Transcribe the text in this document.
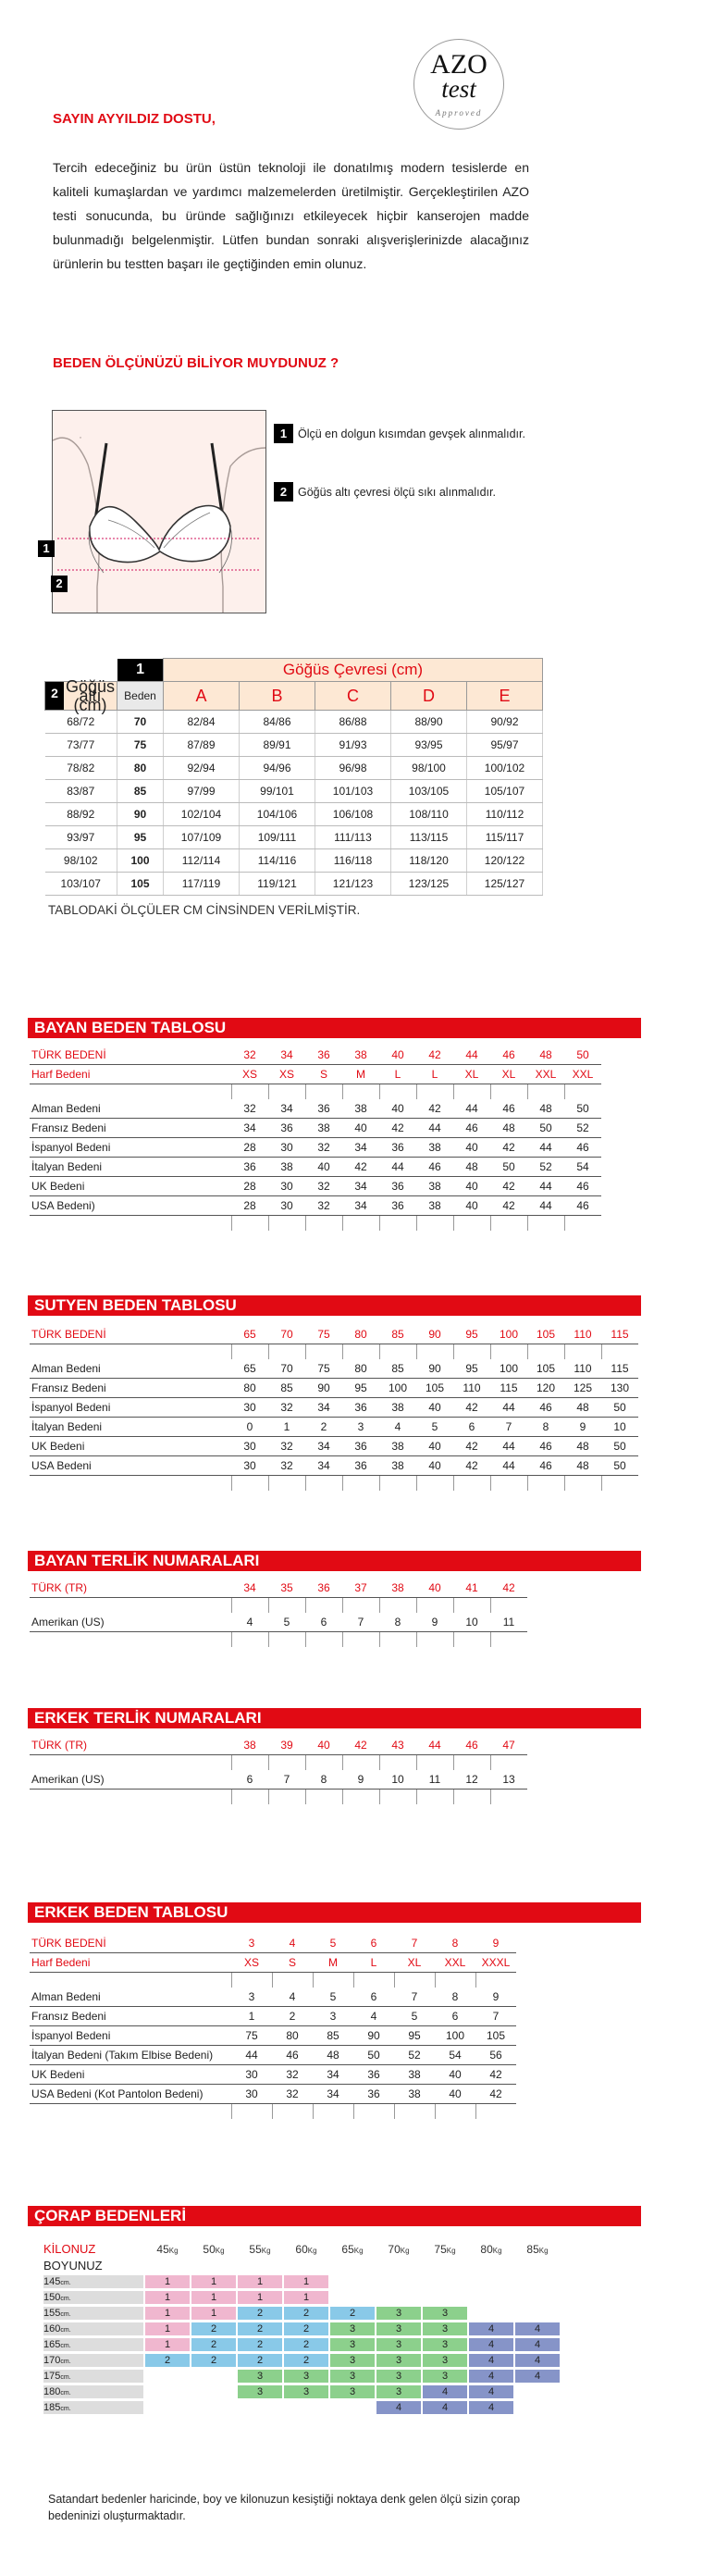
AZO
test
Approved
SAYIN AYYILDIZ DOSTU,
Tercih edeceğiniz bu ürün üstün teknoloji ile donatılmış modern tesislerde en kaliteli kumaşlardan ve yardımcı malzemelerden üretilmiştir. Gerçekleştirilen AZO testi sonucunda, bu üründe sağlığınızı etkileyecek hiçbir kanserojen madde bulunmadığı belgelenmiştir. Lütfen bundan sonraki alışverişlerinizde alacağınız ürünlerin bu testten başarı ile geçtiğinden emin olunuz.
BEDEN ÖLÇÜNÜZÜ BİLİYOR MUYDUNUZ ?
1
2
1 Ölçü en dolgun kısımdan gevşek alınmalıdır.
2 Göğüs altı çevresi ölçü sıkı alınmalıdır.
	1	Göğüs Çevresi (cm)				

2 Göğüs altı (cm)	Beden	A	B	C	D	E
68/72	70	82/84	84/86	86/88	88/90	90/92
73/77	75	87/89	89/91	91/93	93/95	95/97
78/82	80	92/94	94/96	96/98	98/100	100/102
83/87	85	97/99	99/101	101/103	103/105	105/107
88/92	90	102/104	104/106	106/108	108/110	110/112
93/97	95	107/109	109/111	111/113	113/115	115/117
98/102	100	112/114	114/116	116/118	118/120	120/122
103/107	105	117/119	119/121	121/123	123/125	125/127
TABLODAKİ ÖLÇÜLER CM CİNSİNDEN VERİLMİŞTİR.
BAYAN BEDEN TABLOSU
TÜRK BEDENİ	32	34	36	38	40	42	44	46	48	50
Harf Bedeni	XS	XS	S	M	L	L	XL	XL	XXL	XXL

Alman Bedeni	32	34	36	38	40	42	44	46	48	50
Fransız Bedeni	34	36	38	40	42	44	46	48	50	52
İspanyol Bedeni	28	30	32	34	36	38	40	42	44	46
İtalyan Bedeni	36	38	40	42	44	46	48	50	52	54
UK Bedeni	28	30	32	34	36	38	40	42	44	46
USA Bedeni)	28	30	32	34	36	38	40	42	44	46

SUTYEN BEDEN TABLOSU
TÜRK BEDENİ	65	70	75	80	85	90	95	100	105	110	115

Alman Bedeni	65	70	75	80	85	90	95	100	105	110	115
Fransız Bedeni	80	85	90	95	100	105	110	115	120	125	130
İspanyol Bedeni	30	32	34	36	38	40	42	44	46	48	50
İtalyan Bedeni	0	1	2	3	4	5	6	7	8	9	10
UK Bedeni	30	32	34	36	38	40	42	44	46	48	50
USA Bedeni	30	32	34	36	38	40	42	44	46	48	50

BAYAN TERLİK NUMARALARI
TÜRK (TR)	34	35	36	37	38	40	41	42

Amerikan (US)	4	5	6	7	8	9	10	11

ERKEK TERLİK NUMARALARI
TÜRK (TR)	38	39	40	42	43	44	46	47

Amerikan (US)	6	7	8	9	10	11	12	13

ERKEK BEDEN TABLOSU
TÜRK BEDENİ	3	4	5	6	7	8	9
Harf Bedeni	XS	S	M	L	XL	XXL	XXXL

Alman Bedeni	3	4	5	6	7	8	9
Fransız Bedeni	1	2	3	4	5	6	7
İspanyol Bedeni	75	80	85	90	95	100	105
İtalyan Bedeni (Takım Elbise Bedeni)	44	46	48	50	52	54	56
UK Bedeni	30	32	34	36	38	40	42
USA Bedeni (Kot Pantolon Bedeni)	30	32	34	36	38	40	42

ÇORAP BEDENLERİ
KİLONUZ	45Kg	50Kg	55Kg	60Kg	65Kg	70Kg	75Kg	80Kg	85Kg
BOYUNUZ									
145cm.	1	1	1	1					
150cm.	1	1	1	1					
155cm.	1	1	2	2	2	3	3		
160cm.	1	2	2	2	3	3	3	4	4
165cm.	1	2	2	2	3	3	3	4	4
170cm.	2	2	2	2	3	3	3	4	4
175cm.			3	3	3	3	3	4	4
180cm.			3	3	3	3	4	4	
185cm.						4	4	4	
Satandart bedenler haricinde, boy ve kilonuzun kesiştiği noktaya denk gelen ölçü sizin çorap bedeninizi oluşturmaktadır.
